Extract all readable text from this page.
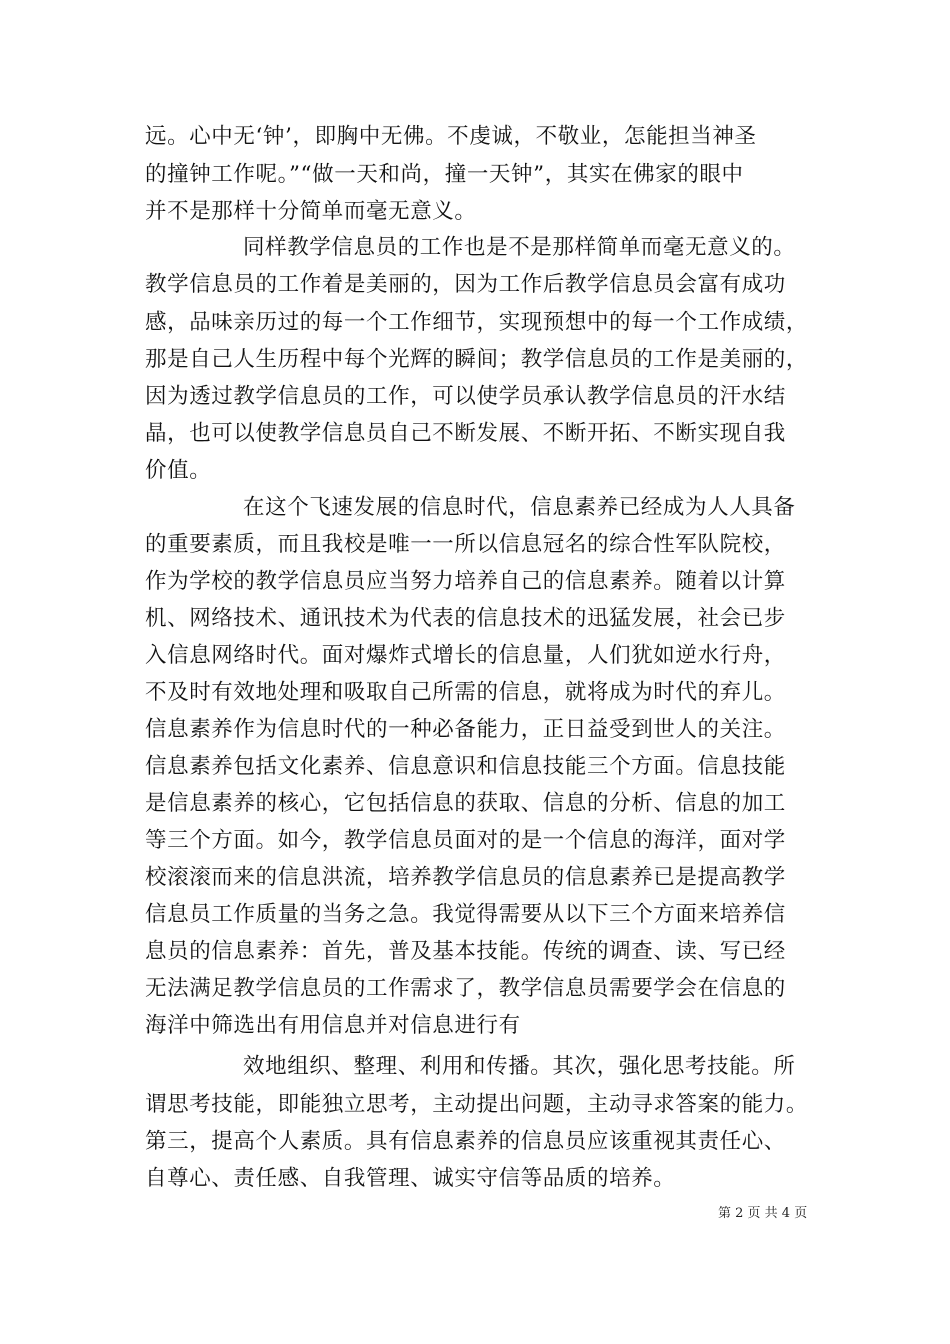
远。心中无‘钟’，即胸中无佛。不虔诚，不敬业，怎能担当神圣
的撞钟工作呢。”“做一天和尚，撞一天钟”，其实在佛家的眼中
并不是那样十分简单而毫无意义。
同样教学信息员的工作也是不是那样简单而毫无意义的。
教学信息员的工作着是美丽的，因为工作后教学信息员会富有成功
感，品味亲历过的每一个工作细节，实现预想中的每一个工作成绩，
那是自己人生历程中每个光辉的瞬间；教学信息员的工作是美丽的，
因为透过教学信息员的工作，可以使学员承认教学信息员的汗水结
晶，也可以使教学信息员自己不断发展、不断开拓、不断实现自我
价值。
在这个飞速发展的信息时代，信息素养已经成为人人具备
的重要素质，而且我校是唯一一所以信息冠名的综合性军队院校，
作为学校的教学信息员应当努力培养自己的信息素养。随着以计算
机、网络技术、通讯技术为代表的信息技术的迅猛发展，社会已步
入信息网络时代。面对爆炸式增长的信息量，人们犹如逆水行舟，
不及时有效地处理和吸取自己所需的信息，就将成为时代的弃儿。
信息素养作为信息时代的一种必备能力，正日益受到世人的关注。
信息素养包括文化素养、信息意识和信息技能三个方面。信息技能
是信息素养的核心，它包括信息的获取、信息的分析、信息的加工
等三个方面。如今，教学信息员面对的是一个信息的海洋，面对学
校滚滚而来的信息洪流，培养教学信息员的信息素养已是提高教学
信息员工作质量的当务之急。我觉得需要从以下三个方面来培养信
息员的信息素养：首先，普及基本技能。传统的调查、读、写已经
无法满足教学信息员的工作需求了，教学信息员需要学会在信息的
海洋中筛选出有用信息并对信息进行有
效地组织、整理、利用和传播。其次，强化思考技能。所
谓思考技能，即能独立思考，主动提出问题，主动寻求答案的能力。
第三，提高个人素质。具有信息素养的信息员应该重视其责任心、
自尊心、责任感、自我管理、诚实守信等品质的培养。
第 2 页 共 4 页
